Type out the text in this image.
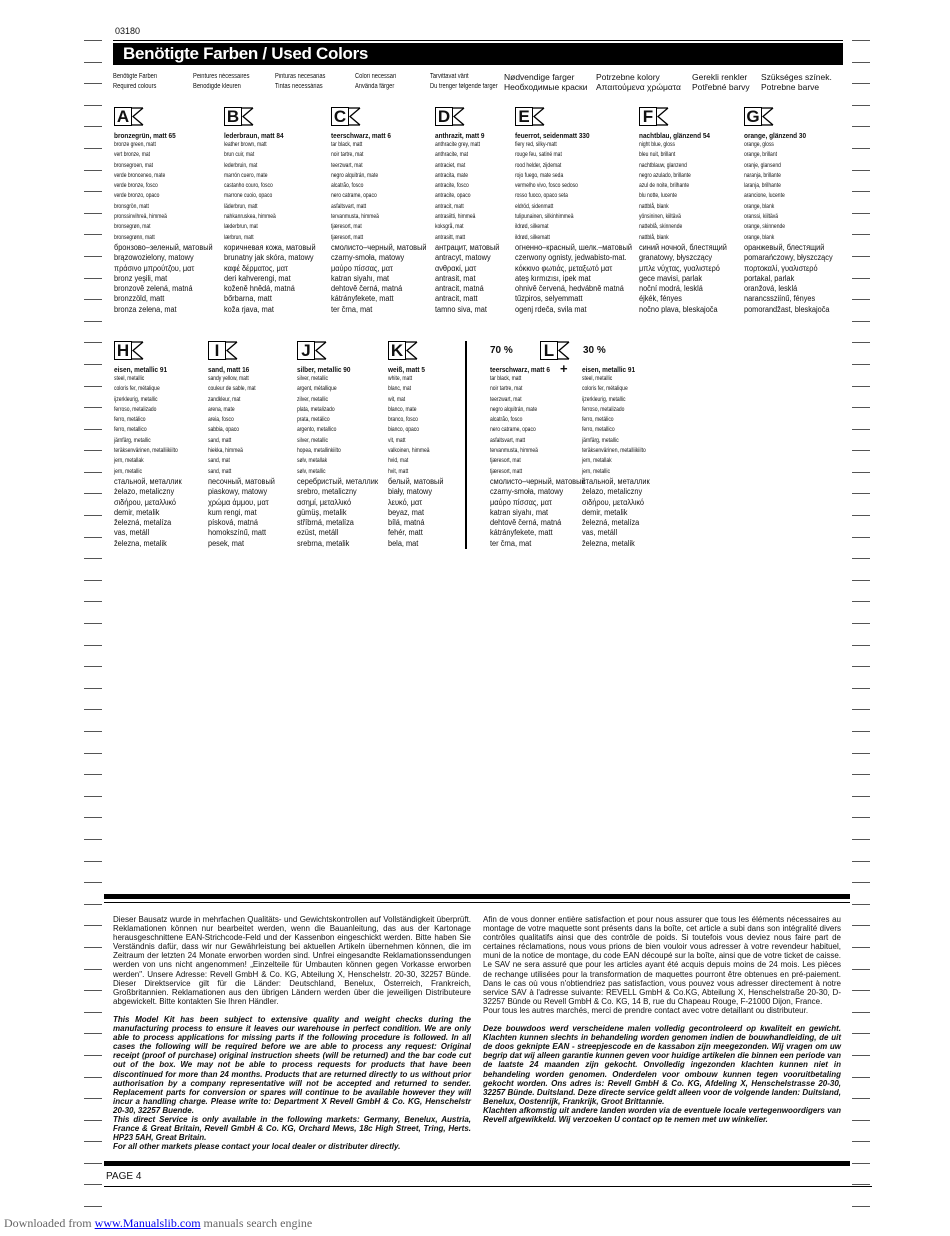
03180
Benötigte Farben / Used Colors
Benötigte Farben
Required colours
Peintures nécessaires
Benodigde kleuren
Pinturas necesarias
Tintas necessárias
Colori necessari
Använda färger
Tarvittavat värit
Du trenger følgende farger
Nødvendige farger
Необходимые краски
Potrzebne kolory
Απαιτούμενα χρώματα
Gerekli renkler
Potřebné barvy
Szükséges színek.
Potrebne barve
A
bronzegrün, matt 65
bronze green, matt
vert bronze, mat
bronsegroen, mat
verde bronceneo, mate
verde bronze, fosco
verde bronzo, opaco
bronsgrön, matt
pronssinvihreä, himmeä
bronsegrøn, mat
bronsegrønn, matt
бронзово–зеленый, матовый
brązowozielony, matowy
πράσινο μπρούτζου, ματ
bronz yeşili, mat
bronzově zelená, matná
bronzzöld, matt
bronza zelena, mat
B
lederbraun, matt 84
leather brown, matt
brun cuir, mat
lederbruin, mat
marrón cuero, mate
castanho couro, fosco
marrone cuoio, opaco
läderbrun, matt
nahkanruskea, himmeä
læderbrun, mat
lærbrun, matt
коричневая кожа, матовый
brunatny jak skóra, matowy
καφέ δέρματος, ματ
deri kahverengi, mat
koženě hnědá, matná
bőrbarna, matt
koža rjava, mat
C
teerschwarz, matt 6
tar black, matt
noir tartre, mat
teerzwart, mat
negro alquitrán, mate
alcatrão, fosco
nero catrame, opaco
asfaltsvart, matt
tervanmusta, himmeä
tjæresort, mat
tjæresort, matt
смолисто–черный, матовый
czarny-smoła, matowy
μαύρο πίσσας, ματ
katran siyahı, mat
dehtově černá, matná
kátrányfekete, matt
ter črna, mat
D
anthrazit, matt 9
anthracite grey, matt
anthracite, mat
antraciet, mat
antracita, mate
antracite, fosco
antracite, opaco
antracit, matt
antrasiitti, himmeä
koksgrå, mat
antrasitt, matt
антрацит, матовый
antracyt, matowy
ανθρακί, ματ
antrasit, mat
antracit, matná
antracit, matt
tamno siva, mat
E
feuerrot, seidenmatt 330
fiery red, silky-matt
rouge feu, satiné mat
rood helder, zijdemat
rojo fuego, mate seda
vermelho vivo, fosco sedoso
rosso fuoco, opaco seta
eldröd, sidenmatt
tulipunainen, silkinhimmeä
ildrød, silkemat
ildrød, silkematt
огненно–красный, шелк.–матовый
czerwony ognisty, jedwabisto-mat.
κόκκινο φωτιάς, μεταξωτό ματ
ateş kırmızısı, ipek mat
ohnivě červená, hedvábně matná
tűzpiros, selyemmatt
ogenj rdeča, svila mat
F
nachtblau, glänzend 54
night blue, gloss
bleu nuit, brillant
nachtblauw, glanzend
negro azulado, brillante
azul de noite, brilhante
blu notte, lucente
nattblå, blank
yönsininen, kiiltävä
natteblå, skinnende
nattblå, blank
синий ночной, блестящий
granatowy, błyszczący
μπλε νύχτας, γυαλιστερό
gece mavisi, parlak
noční modrá, lesklá
éjkék, fényes
nočno plava, bleskajoča
G
orange, glänzend 30
orange, gloss
orange, brillant
oranje, glansend
naranja, brillante
laranja, brilhante
arancione, lucente
orange, blank
oranssi, kiiltävä
orange, skinnende
orange, blank
оранжевый, блестящий
pomarańczowy, błyszczący
πορτοκαλί, γυαλιστερό
portakal, parlak
oranžová, lesklá
narancssziínű, fényes
pomorandžast, bleskajoča
H
eisen, metallic 91
steel, metallic
coloris fer, métalique
ijzerkleurig, metallic
ferroso, metalizado
ferro, metálico
ferro, metallico
järnfärg, metallic
teräksenvärinen, metalliikiilto
jern, metallak
jern, metallic
стальной, металлик
żelazo, metaliczny
σιδήρου, μεταλλικό
demir, metalik
železná, metalíza
vas, metáll
železna, metalik
I
sand, matt 16
sandy yellow, matt
couleur de sable, mat
zandkleur, mat
arena, mate
areia, fosco
sabbia, opaco
sand, matt
hiekka, himmeä
sand, mat
sand, matt
песочный, матовый
piaskowy, matowy
χρώμα άμμου, ματ
kum rengi, mat
písková, matná
homokszínű, matt
pesek, mat
J
silber, metallic 90
silver, metallic
argent, métallique
zilver, metallic
plata, metalizado
prata, metálico
argento, metallico
silver, metallic
hopea, metallinkiilto
sølv, metallak
sølv, metallic
серебристый, металлик
srebro, metaliczny
ασημί, μεταλλικό
gümüş, metalik
stříbrná, metalíza
ezüst, metáll
srebrna, metalik
K
weiß, matt 5
white, matt
blanc, mat
wit, mat
blanco, mate
branco, fosco
bianco, opaco
vit, matt
valkoinen, himmeä
hvid, mat
hvit, matt
белый, матовый
biały, matowy
λευκό, ματ
beyaz, mat
bílá, matná
fehér, matt
bela, mat
70 %	30 %
+
L
teerschwarz, matt 6
tar black, matt
noir tartre, mat
teerzwart, mat
negro alquitrán, mate
alcatrão, fosco
nero catrame, opaco
asfaltsvart, matt
tervanmusta, himmeä
tjæresort, mat
tjæresort, matt
смолисто–черный, матовый
czarny-smoła, matowy
μαύρο πίσσας, ματ
katran siyahı, mat
dehtově černá, matná
kátrányfekete, matt
ter črna, mat
eisen, metallic 91
steel, metallic
coloris fer, métalique
ijzerkleurig, metallic
ferroso, metalizado
ferro, metálico
ferro, metallico
järnfärg, metallic
teräksenvärinen, metalliikiilto
jern, metallak
jern, metallic
стальной, металлик
żelazo, metaliczny
σιδήρου, μεταλλικό
demir, metalik
železná, metalíza
vas, metáll
železna, metalik
Dieser Bausatz wurde in mehrfachen Qualitäts- und Gewichtskontrollen auf Vollständigkeit überprüft. Reklamationen können nur bearbeitet werden, wenn die Bauanleitung, das aus der Kartonage herausgeschnittene EAN-Strichcode-Feld und der Kassenbon eingeschickt werden. Bitte haben Sie Verständnis dafür, dass wir nur Gewährleistung bei aktuellen Artikeln übernehmen können, die im Zeitraum der letzten 24 Monate erworben worden sind. Unfrei eingesandte Reklamationssendungen werden von uns nicht angenommen! „Einzelteile für Umbauten können gegen Vorkasse erworben werden". Unsere Adresse: Revell GmbH & Co. KG, Abteilung X, Henschelstr. 20-30, 32257 Bünde. Dieser Direktservice gilt für die Länder: Deutschland, Benelux, Österreich, Frankreich, Großbritannien. Reklamationen aus den übrigen Ländern werden über die jeweiligen Distributeure abgewickelt. Bitte kontakten Sie Ihren Händler.
This Model Kit has been subject to extensive quality and weight checks during the manufacturing process to ensure it leaves our warehouse in perfect condition. We are only able to process applications for missing parts if the following procedure is followed. In all cases the following will be required before we are able to process any request: Original receipt (proof of purchase) original instruction sheets (will be returned) and the bar code cut out of the box. We may not be able to process requests for products that have been discontinued for more than 24 months. Products that are returned directly to us without prior authorisation by a company representative will not be accepted and returned to sender. Replacement parts for conversion or spares will continue to be available however they will incur a handling charge. Please write to: Department X Revell GmbH & Co. KG, Henschelstr 20-30, 32257 Buende.
This direct Service is only available in the following markets: Germany, Benelux, Austria, France & Great Britain, Revell GmbH & Co. KG, Orchard Mews, 18c High Street, Tring, Herts. HP23 5AH, Great Britain.
For all other markets please contact your local dealer or distributer directly.
Afin de vous donner entière satisfaction et pour nous assurer que tous les éléments nécessaires au montage de votre maquette sont présents dans la boîte, cet article a subi dans son intégralité divers contrôles qualitatifs ainsi que des contrôle de poids. Si toutefois vous deviez nous faire part de certaines réclamations, nous vous prions de bien vouloir vous adresser à votre revendeur habituel, muni de la notice de montage, du code EAN découpé sur la boîte, ainsi que de votre ticket de caisse. Le SAV ne sera assuré que pour les articles ayant été acquis depuis moins de 24 mois. Les pièces de rechange utilisées pour la transformation de maquettes pourront être obtenues en pré-paiement. Dans le cas où vous n'obtiendriez pas satisfaction, vous pouvez vous adresser directement à notre service SAV à l'adresse suivante: REVELL GmbH & Co.KG, Abteilung X, Henschelstraße 20-30, D-32257 Bünde ou Revell GmbH & Co. KG, 14 B, rue du Chapeau Rouge, F-21000 Dijon, France.
Pour tous les autres marchés, merci de prendre contact avec votre detaillant ou distributeur.
Deze bouwdoos werd verscheidene malen volledig gecontroleerd op kwaliteit en gewicht. Klachten kunnen slechts in behandeling worden genomen indien de bouwhandleiding, de uit de doos geknipte EAN - streepjescode en de kassabon zijn meegezonden. Wij vragen om uw begrip dat wij alleen garantie kunnen geven voor huidige artikelen die binnen een periode van de laatste 24 maanden zijn gekocht. Onvolledig ingezonden klachten kunnen niet in behandeling worden genomen. Onderdelen voor ombouw kunnen tegen vooruitbetaling gekocht worden. Ons adres is: Revell GmbH & Co. KG, Afdeling X, Henschelstrasse 20-30, 32257 Bünde. Duitsland. Deze directe service geldt alleen voor de volgende landen: Duitsland, Benelux, Oostenrijk, Frankrijk, Groot Brittannie.
Klachten afkomstig uit andere landen worden via de eventuele locale vertegenwoordigers van Revell afgewikkeld. Wij verzoeken U contact op te nemen met uw winkelier.
PAGE 4
Downloaded from www.Manualslib.com manuals search engine
